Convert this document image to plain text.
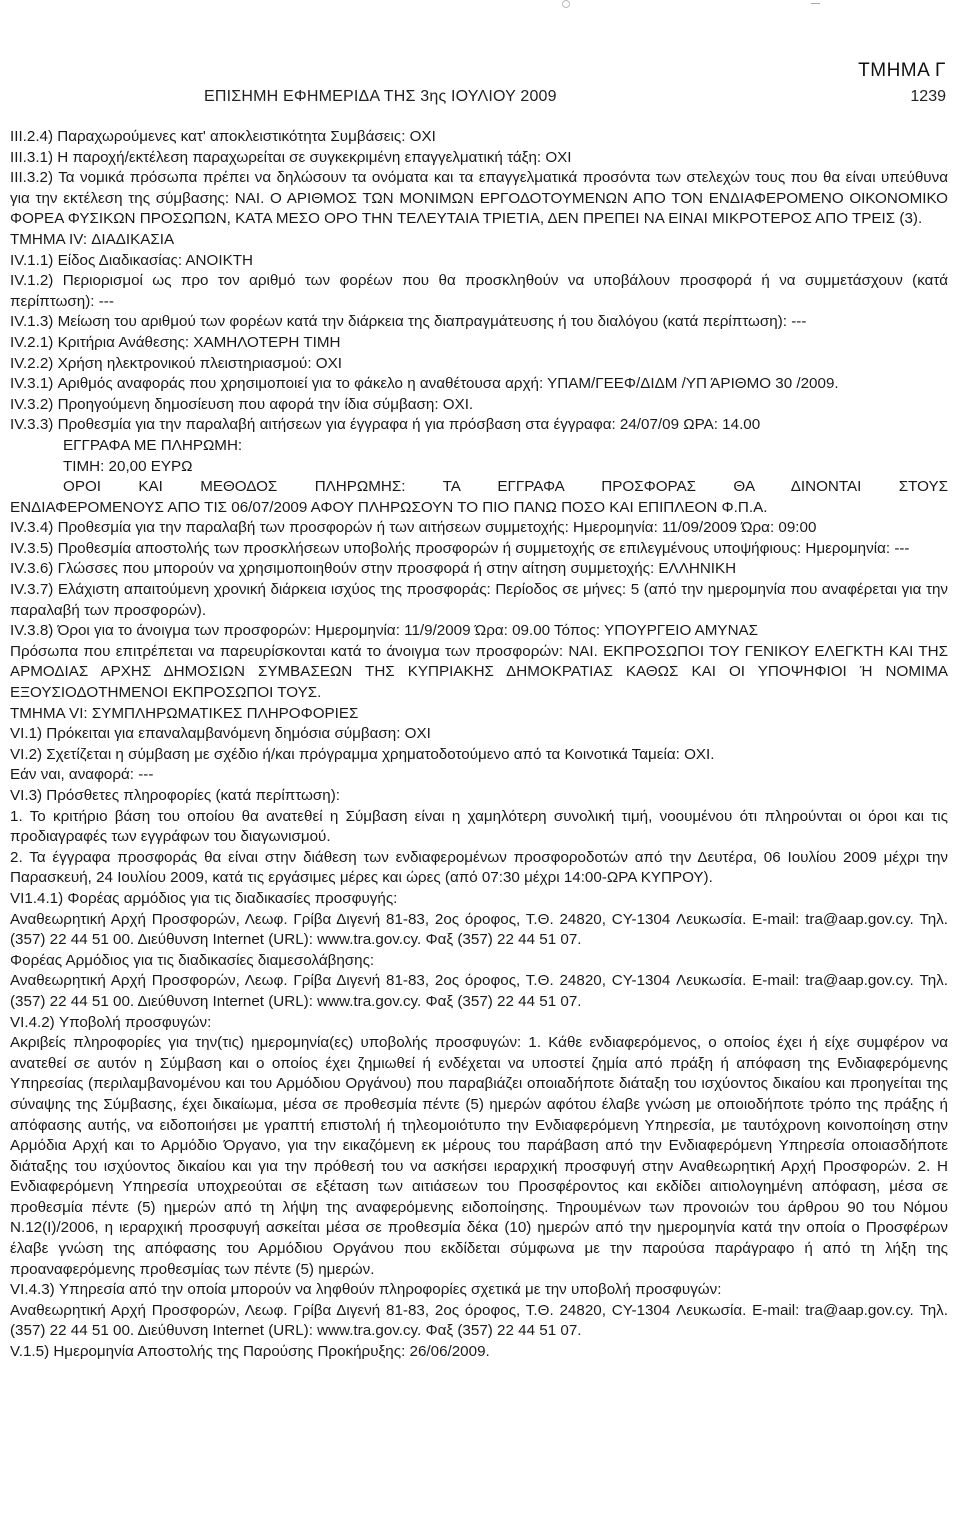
ΤΜΗΜΑ Γ
ΕΠΙΣΗΜΗ ΕΦΗΜΕΡΙΔΑ ΤΗΣ 3ης ΙΟΥΛΙΟΥ 2009	1239

ΙΙΙ.2.4) Παραχωρούμενες κατ' αποκλειστικότητα Συμβάσεις: ΟΧΙ

ΙΙΙ.3.1) Η παροχή/εκτέλεση παραχωρείται σε συγκεκριμένη επαγγελματική τάξη: ΟΧΙ

ΙΙΙ.3.2) Τα νομικά πρόσωπα πρέπει να δηλώσουν τα ονόματα και τα επαγγελματικά προσόντα των στελεχών τους που θα είναι υπεύθυνα για την εκτέλεση της σύμβασης: ΝΑΙ. Ο ΑΡΙΘΜΟΣ ΤΩΝ ΜΟΝΙΜΩΝ ΕΡΓΟΔΟΤΟΥΜΕΝΩΝ ΑΠΟ ΤΟΝ ΕΝΔΙΑΦΕΡΟΜΕΝΟ ΟΙΚΟΝΟΜΙΚΟ ΦΟΡΕΑ ΦΥΣΙΚΩΝ ΠΡΟΣΩΠΩΝ, ΚΑΤΑ ΜΕΣΟ ΟΡΟ ΤΗΝ ΤΕΛΕΥΤΑΙΑ ΤΡΙΕΤΙΑ, ΔΕΝ ΠΡΕΠΕΙ ΝΑ ΕΙΝΑΙ ΜΙΚΡΟΤΕΡΟΣ ΑΠΟ ΤΡΕΙΣ (3).

ΤΜΗΜΑ IV: ΔΙΑΔΙΚΑΣΙΑ

IV.1.1) Είδος Διαδικασίας: ΑΝΟΙΚΤΗ

IV.1.2) Περιορισμοί ως προ τον αριθμό των φορέων που θα προσκληθούν να υποβάλουν προσφορά ή να συμμετάσχουν (κατά περίπτωση): ---

IV.1.3) Μείωση του αριθμού των φορέων κατά την διάρκεια της διαπραγμάτευσης ή του διαλόγου (κατά περίπτωση): ---

IV.2.1) Κριτήρια Ανάθεσης: ΧΑΜΗΛΟΤΕΡΗ ΤΙΜΗ

IV.2.2) Χρήση ηλεκτρονικού πλειστηριασμού: ΟΧΙ

IV.3.1) Αριθμός αναφοράς που χρησιμοποιεί για το φάκελο η αναθέτουσα αρχή: ΥΠΑΜ/ΓΕΕΦ/ΔΙΔΜ /ΥΠ ΆΡΙΘΜΟ 30 /2009.

IV.3.2) Προηγούμενη δημοσίευση που αφορά την ίδια σύμβαση: ΟΧΙ.

IV.3.3) Προθεσμία για την παραλαβή αιτήσεων για έγγραφα ή για πρόσβαση στα έγγραφα: 24/07/09 ΩΡΑ: 14.00

ΕΓΓΡΑΦΑ ΜΕ ΠΛΗΡΩΜΗ:

ΤΙΜΗ: 20,00 ΕΥΡΩ

ΟΡΟΙ ΚΑΙ ΜΕΘΟΔΟΣ ΠΛΗΡΩΜΗΣ: ΤΑ ΕΓΓΡΑΦΑ ΠΡΟΣΦΟΡΑΣ ΘΑ ΔΙΝΟΝΤΑΙ ΣΤΟΥΣ

ΕΝΔΙΑΦΕΡΟΜΕΝΟΥΣ ΑΠΟ ΤΙΣ 06/07/2009 ΑΦΟΥ ΠΛΗΡΩΣΟΥΝ ΤΟ ΠΙΟ ΠΑΝΩ ΠΟΣΟ ΚΑΙ ΕΠΙΠΛΕΟΝ Φ.Π.Α.

IV.3.4) Προθεσμία για την παραλαβή των προσφορών ή των αιτήσεων συμμετοχής: Ημερομηνία: 11/09/2009 Ώρα: 09:00

IV.3.5) Προθεσμία αποστολής των προσκλήσεων υποβολής προσφορών ή συμμετοχής σε επιλεγμένους υποψήφιους: Ημερομηνία: ---

IV.3.6) Γλώσσες που μπορούν να χρησιμοποιηθούν στην προσφορά ή στην αίτηση συμμετοχής: ΕΛΛΗΝΙΚΗ

IV.3.7) Ελάχιστη απαιτούμενη χρονική διάρκεια ισχύος της προσφοράς: Περίοδος σε μήνες: 5 (από την ημερομηνία που αναφέρεται για την παραλαβή των προσφορών).

IV.3.8) Όροι για το άνοιγμα των προσφορών: Ημερομηνία: 11/9/2009 Ώρα: 09.00 Τόπος: ΥΠΟΥΡΓΕΙΟ ΑΜΥΝΑΣ

Πρόσωπα που επιτρέπεται να παρευρίσκονται κατά το άνοιγμα των προσφορών: ΝΑΙ. ΕΚΠΡΟΣΩΠΟΙ ΤΟΥ ΓΕΝΙΚΟΥ ΕΛΕΓΚΤΗ ΚΑΙ ΤΗΣ ΑΡΜΟΔΙΑΣ ΑΡΧΗΣ ΔΗΜΟΣΙΩΝ ΣΥΜΒΑΣΕΩΝ ΤΗΣ ΚΥΠΡΙΑΚΗΣ ΔΗΜΟΚΡΑΤΙΑΣ ΚΑΘΩΣ ΚΑΙ ΟΙ ΥΠΟΨΗΦΙΟΙ Ή ΝΟΜΙΜΑ ΕΞΟΥΣΙΟΔΟΤΗΜΕΝΟΙ ΕΚΠΡΟΣΩΠΟΙ ΤΟΥΣ.

ΤΜΗΜΑ VI: ΣΥΜΠΛΗΡΩΜΑΤΙΚΕΣ ΠΛΗΡΟΦΟΡΙΕΣ

VI.1) Πρόκειται για επαναλαμβανόμενη δημόσια σύμβαση: ΟΧΙ

VI.2) Σχετίζεται η σύμβαση με σχέδιο ή/και πρόγραμμα χρηματοδοτούμενο από τα Κοινοτικά Ταμεία: ΟΧΙ.

Εάν ναι, αναφορά: ---

VI.3) Πρόσθετες πληροφορίες (κατά περίπτωση):

1. Το κριτήριο βάση του οποίου θα ανατεθεί η Σύμβαση είναι η χαμηλότερη συνολική τιμή, νοουμένου ότι πληρούνται οι όροι και τις προδιαγραφές των εγγράφων του διαγωνισμού.

2. Τα έγγραφα προσφοράς θα είναι στην διάθεση των ενδιαφερομένων προσφοροδοτών από την Δευτέρα, 06 Ιουλίου 2009 μέχρι την Παρασκευή, 24 Ιουλίου 2009, κατά τις εργάσιμες μέρες και ώρες (από 07:30 μέχρι 14:00-ΩΡΑ ΚΥΠΡΟΥ).

VI1.4.1) Φορέας αρμόδιος για τις διαδικασίες προσφυγής:

Αναθεωρητική Αρχή Προσφορών, Λεωφ. Γρίβα Διγενή 81-83, 2ος όροφος, Τ.Θ. 24820, CY-1304 Λευκωσία. E-mail: tra@aap.gov.cy. Τηλ. (357) 22 44 51 00. Διεύθυνση Internet (URL): www.tra.gov.cy. Φαξ (357) 22 44 51 07.

Φορέας Αρμόδιος για τις διαδικασίες διαμεσολάβησης:

Αναθεωρητική Αρχή Προσφορών, Λεωφ. Γρίβα Διγενή 81-83, 2ος όροφος, Τ.Θ. 24820, CY-1304 Λευκωσία. E-mail: tra@aap.gov.cy. Τηλ. (357) 22 44 51 00. Διεύθυνση Internet (URL): www.tra.gov.cy. Φαξ (357) 22 44 51 07.

VI.4.2) Υποβολή προσφυγών:

Ακριβείς πληροφορίες για την(τις) ημερομηνία(ες) υποβολής προσφυγών: 1. Κάθε ενδιαφερόμενος, ο οποίος έχει ή είχε συμφέρον να ανατεθεί σε αυτόν η Σύμβαση και ο οποίος έχει ζημιωθεί ή ενδέχεται να υποστεί ζημία από πράξη ή απόφαση της Ενδιαφερόμενης Υπηρεσίας (περιλαμβανομένου και του Αρμόδιου Οργάνου) που παραβιάζει οποιαδήποτε διάταξη του ισχύοντος δικαίου και προηγείται της σύναψης της Σύμβασης, έχει δικαίωμα, μέσα σε προθεσμία πέντε (5) ημερών αφότου έλαβε γνώση με οποιοδήποτε τρόπο της πράξης ή απόφασης αυτής, να ειδοποιήσει με γραπτή επιστολή ή τηλεομοιότυπο την Ενδιαφερόμενη Υπηρεσία, με ταυτόχρονη κοινοποίηση στην Αρμόδια Αρχή και το Αρμόδιο Όργανο, για την εικαζόμενη εκ μέρους του παράβαση από την Ενδιαφερόμενη Υπηρεσία οποιασδήποτε διάταξης του ισχύοντος δικαίου και για την πρόθεσή του να ασκήσει ιεραρχική προσφυγή στην Αναθεωρητική Αρχή Προσφορών. 2. Η Ενδιαφερόμενη Υπηρεσία υποχρεούται σε εξέταση των αιτιάσεων του Προσφέροντος και εκδίδει αιτιολογημένη απόφαση, μέσα σε προθεσμία πέντε (5) ημερών από τη λήψη της αναφερόμενης ειδοποίησης. Τηρουμένων των προνοιών του άρθρου 90 του Νόμου Ν.12(Ι)/2006, η ιεραρχική προσφυγή ασκείται μέσα σε προθεσμία δέκα (10) ημερών από την ημερομηνία κατά την οποία ο Προσφέρων έλαβε γνώση της απόφασης του Αρμόδιου Οργάνου που εκδίδεται σύμφωνα με την παρούσα παράγραφο ή από τη λήξη της προαναφερόμενης προθεσμίας των πέντε (5) ημερών.

VI.4.3) Υπηρεσία από την οποία μπορούν να ληφθούν πληροφορίες σχετικά με την υποβολή προσφυγών:

Αναθεωρητική Αρχή Προσφορών, Λεωφ. Γρίβα Διγενή 81-83, 2ος όροφος, Τ.Θ. 24820, CY-1304 Λευκωσία. E-mail: tra@aap.gov.cy. Τηλ. (357) 22 44 51 00. Διεύθυνση Internet (URL): www.tra.gov.cy. Φαξ (357) 22 44 51 07.

V.1.5) Ημερομηνία Αποστολής της Παρούσης Προκήρυξης: 26/06/2009.
